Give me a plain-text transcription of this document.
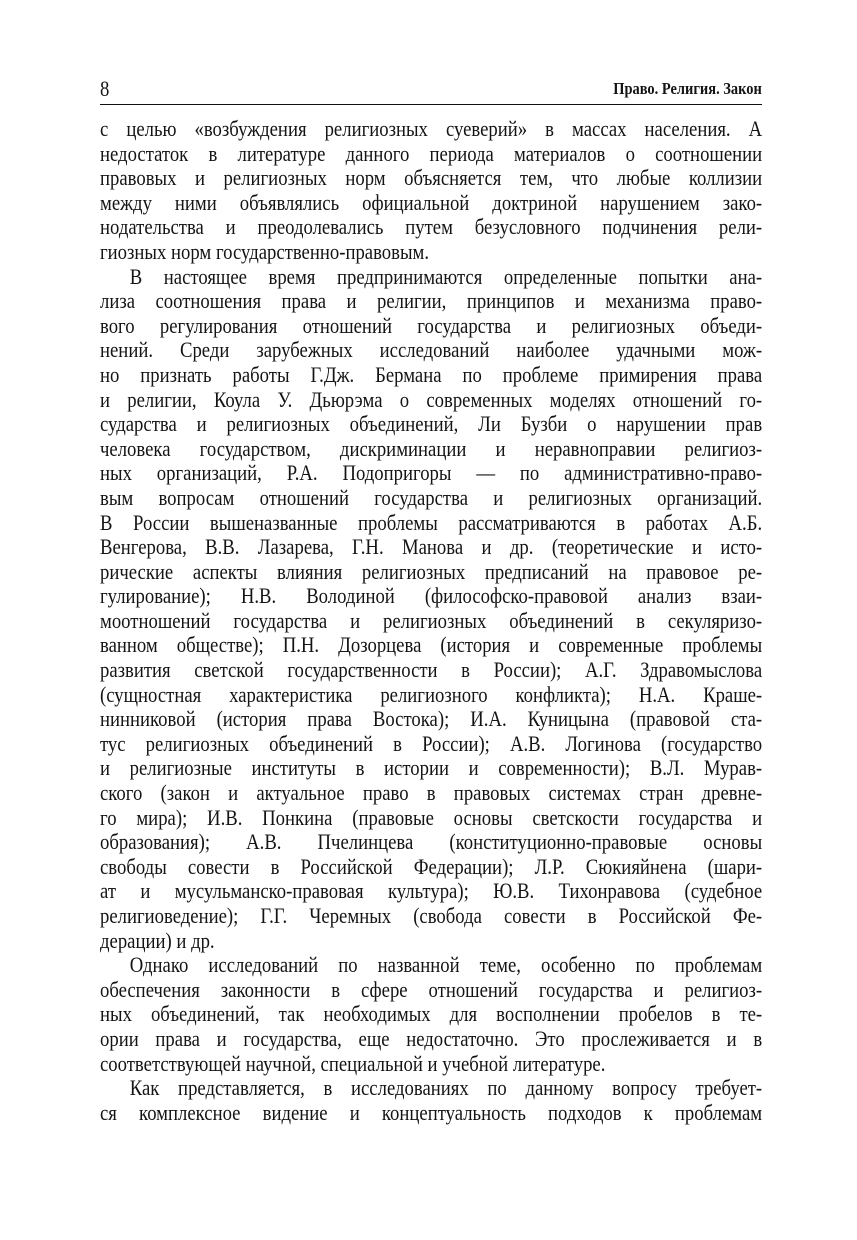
8	Право. Религия. Закон
с целью «возбуждения религиозных суеверий» в массах населения. А
недостаток в литературе данного периода материалов о соотношении
правовых и религиозных норм объясняется тем, что любые коллизии
между ними объявлялись официальной доктриной нарушением зако-
нодательства и преодолевались путем безусловного подчинения рели-
гиозных норм государственно-правовым.
В настоящее время предпринимаются определенные попытки ана-
лиза соотношения права и религии, принципов и механизма право-
вого регулирования отношений государства и религиозных объеди-
нений. Среди зарубежных исследований наиболее удачными мож-
но признать работы Г.Дж. Бермана по проблеме примирения права
и религии, Коула У. Дьюрэма о современных моделях отношений го-
сударства и религиозных объединений, Ли Бузби о нарушении прав
человека государством, дискриминации и неравноправии религиоз-
ных организаций, Р.А. Подопригоры — по административно-право-
вым вопросам отношений государства и религиозных организаций.
В России вышеназванные проблемы рассматриваются в работах А.Б.
Венгерова, В.В. Лазарева, Г.Н. Манова и др. (теоретические и исто-
рические аспекты влияния религиозных предписаний на правовое ре-
гулирование); Н.В. Володиной (философско-правовой анализ взаи-
моотношений государства и религиозных объединений в секуляризо-
ванном обществе); П.Н. Дозорцева (история и современные проблемы
развития светской государственности в России); А.Г. Здравомыслова
(сущностная характеристика религиозного конфликта); Н.А. Краше-
нинниковой (история права Востока); И.А. Куницына (правовой ста-
тус религиозных объединений в России); А.В. Логинова (государство
и религиозные институты в истории и современности); В.Л. Мурав-
ского (закон и актуальное право в правовых системах стран древне-
го мира); И.В. Понкина (правовые основы светскости государства и
образования); А.В. Пчелинцева (конституционно-правовые основы
свободы совести в Российской Федерации); Л.Р. Сюкияйнена (шари-
ат и мусульманско-правовая культура); Ю.В. Тихонравова (судебное
религиоведение); Г.Г. Черемных (свобода совести в Российской Фе-
дерации) и др.
Однако исследований по названной теме, особенно по проблемам
обеспечения законности в сфере отношений государства и религиоз-
ных объединений, так необходимых для восполнении пробелов в те-
ории права и государства, еще недостаточно. Это прослеживается и в
соответствующей научной, специальной и учебной литературе.
Как представляется, в исследованиях по данному вопросу требует-
ся комплексное видение и концептуальность подходов к проблемам
